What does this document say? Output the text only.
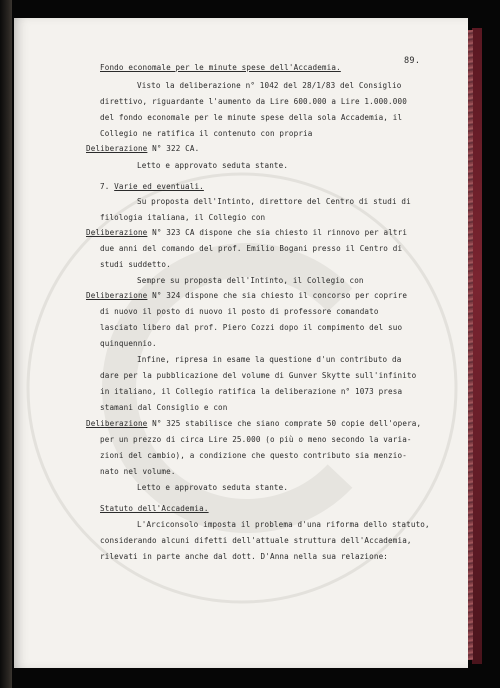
89.
Fondo economale per le minute spese dell'Accademia.
Visto la deliberazione n° 1042 del 28/1/83 del Consiglio
direttivo, riguardante l'aumento da Lire 600.000 a Lire 1.000.000
del fondo economale per le minute spese della sola Accademia, il
Collegio ne ratifica il contenuto con propria
Deliberazione N° 322 CA.
Letto e approvato seduta stante.
7. Varie ed eventuali.
Su proposta dell'Intinto, direttore del Centro di studi di
filologia italiana, il Collegio con
Deliberazione N° 323 CA dispone che sia chiesto il rinnovo per altri
due anni del comando del prof. Emilio Bogani presso il Centro di
studi suddetto.
Sempre su proposta dell'Intinto, il Collegio con
Deliberazione N° 324 dispone che sia chiesto il concorso per coprire
di nuovo il posto di nuovo il posto di professore comandato
lasciato libero dal prof. Piero Cozzi dopo il compimento del suo
quinquennio.
Infine, ripresa in esame la questione d'un contributo da
dare per la pubblicazione del volume di Gunver Skytte sull'infinito
in italiano, il Collegio ratifica la deliberazione n° 1073 presa
stamani dal Consiglio e con
Deliberazione N° 325 stabilisce che siano comprate 50 copie dell'opera,
per un prezzo di circa Lire 25.000 (o più o meno secondo la varia-
zioni del cambio), a condizione che questo contributo sia menzio-
nato nel volume.
Letto e approvato seduta stante.
Statuto dell'Accademia.
L'Arciconsolo imposta il problema d'una riforma dello statuto,
considerando alcuni difetti dell'attuale struttura dell'Accademia,
rilevati in parte anche dal dott. D'Anna nella sua relazione:
